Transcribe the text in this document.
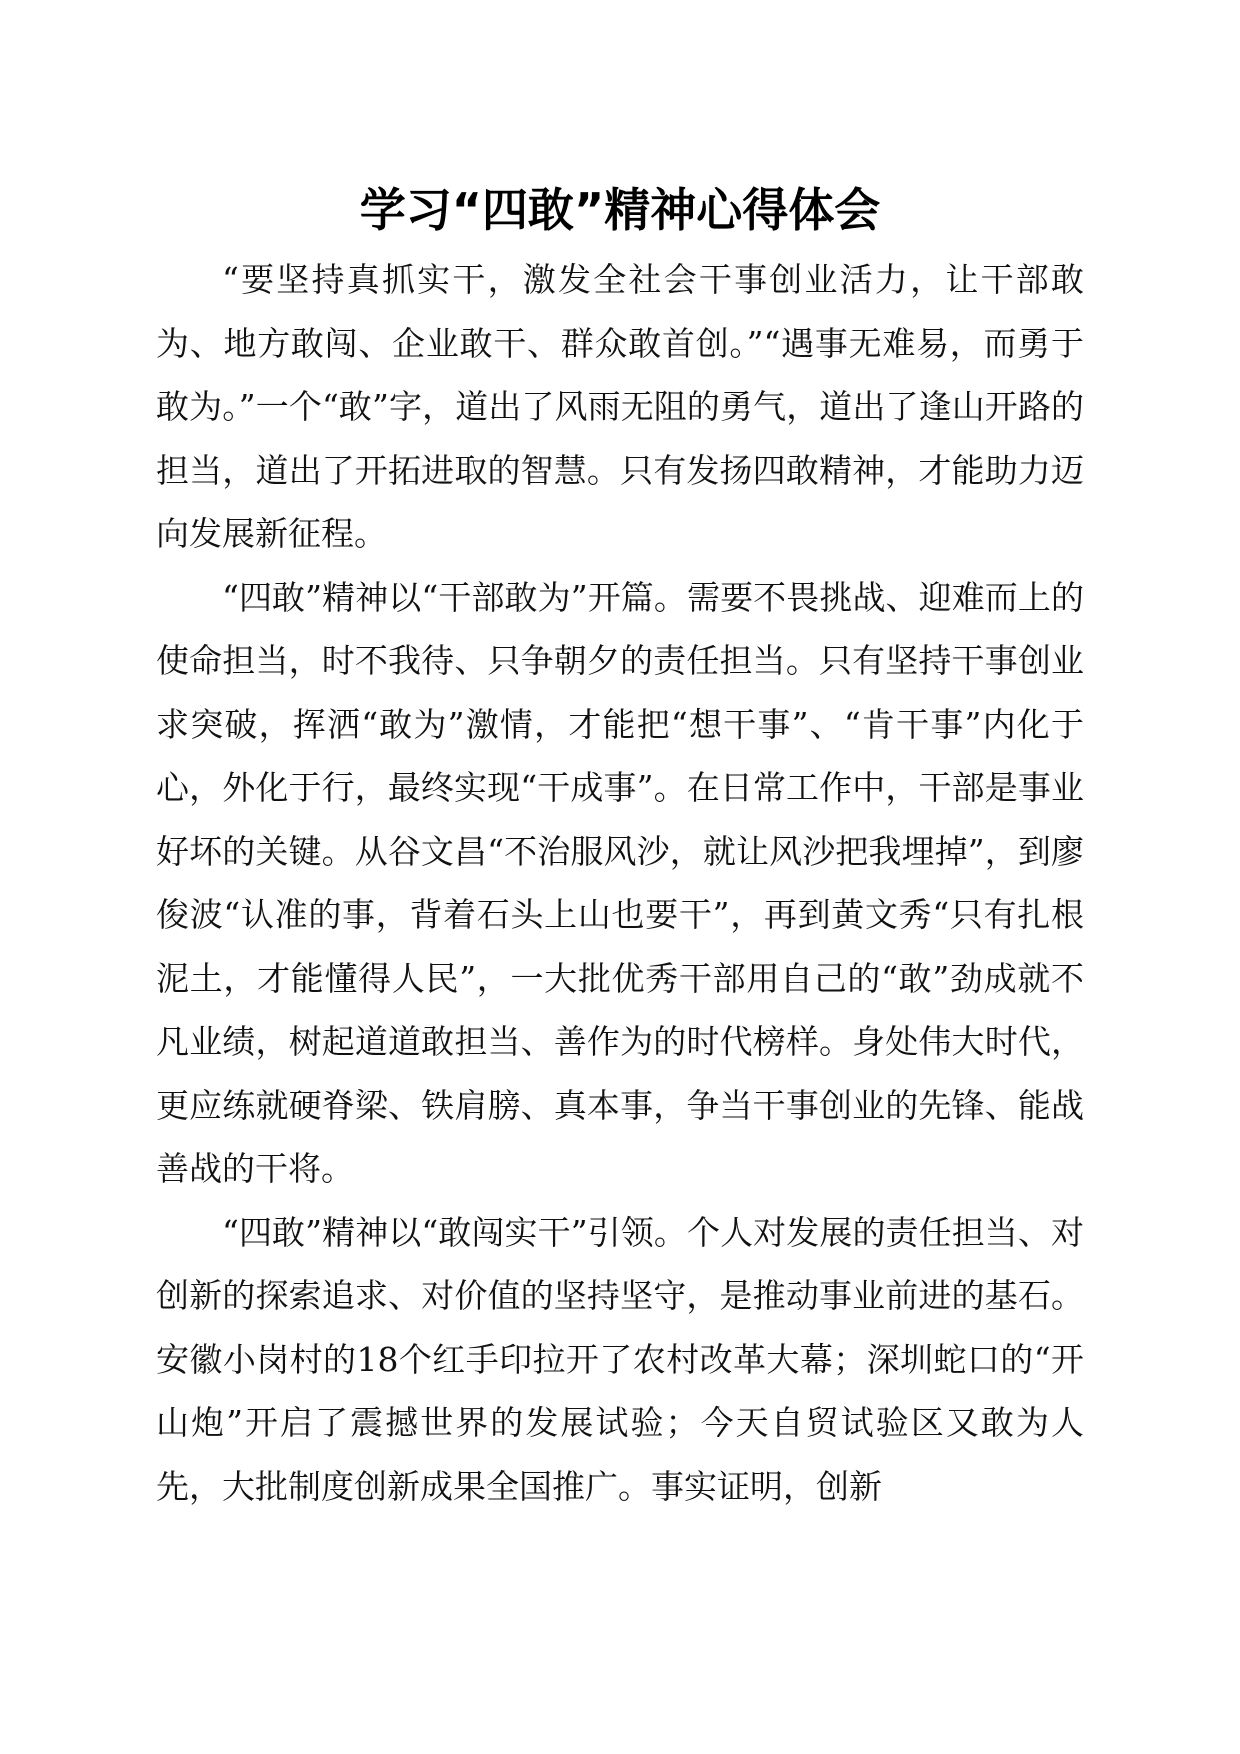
学习“四敢”精神心得体会

“要坚持真抓实干，激发全社会干事创业活力，让干部敢为、地方敢闯、企业敢干、群众敢首创。”“遇事无难易，而勇于敢为。”一个“敢”字，道出了风雨无阻的勇气，道出了逢山开路的担当，道出了开拓进取的智慧。只有发扬四敢精神，才能助力迈向发展新征程。

“四敢”精神以“干部敢为”开篇。需要不畏挑战、迎难而上的使命担当，时不我待、只争朝夕的责任担当。只有坚持干事创业求突破，挥洒“敢为”激情，才能把“想干事”、“肯干事”内化于心，外化于行，最终实现“干成事”。在日常工作中，干部是事业好坏的关键。从谷文昌“不治服风沙，就让风沙把我埋掉”，到廖俊波“认准的事，背着石头上山也要干”，再到黄文秀“只有扎根泥土，才能懂得人民”，一大批优秀干部用自己的“敢”劲成就不凡业绩，树起道道敢担当、善作为的时代榜样。身处伟大时代，更应练就硬脊梁、铁肩膀、真本事，争当干事创业的先锋、能战善战的干将。

“四敢”精神以“敢闯实干”引领。个人对发展的责任担当、对创新的探索追求、对价值的坚持坚守，是推动事业前进的基石。安徽小岗村的18个红手印拉开了农村改革大幕；深圳蛇口的“开山炮”开启了震撼世界的发展试验；今天自贸试验区又敢为人先，大批制度创新成果全国推广。事实证明，创新
